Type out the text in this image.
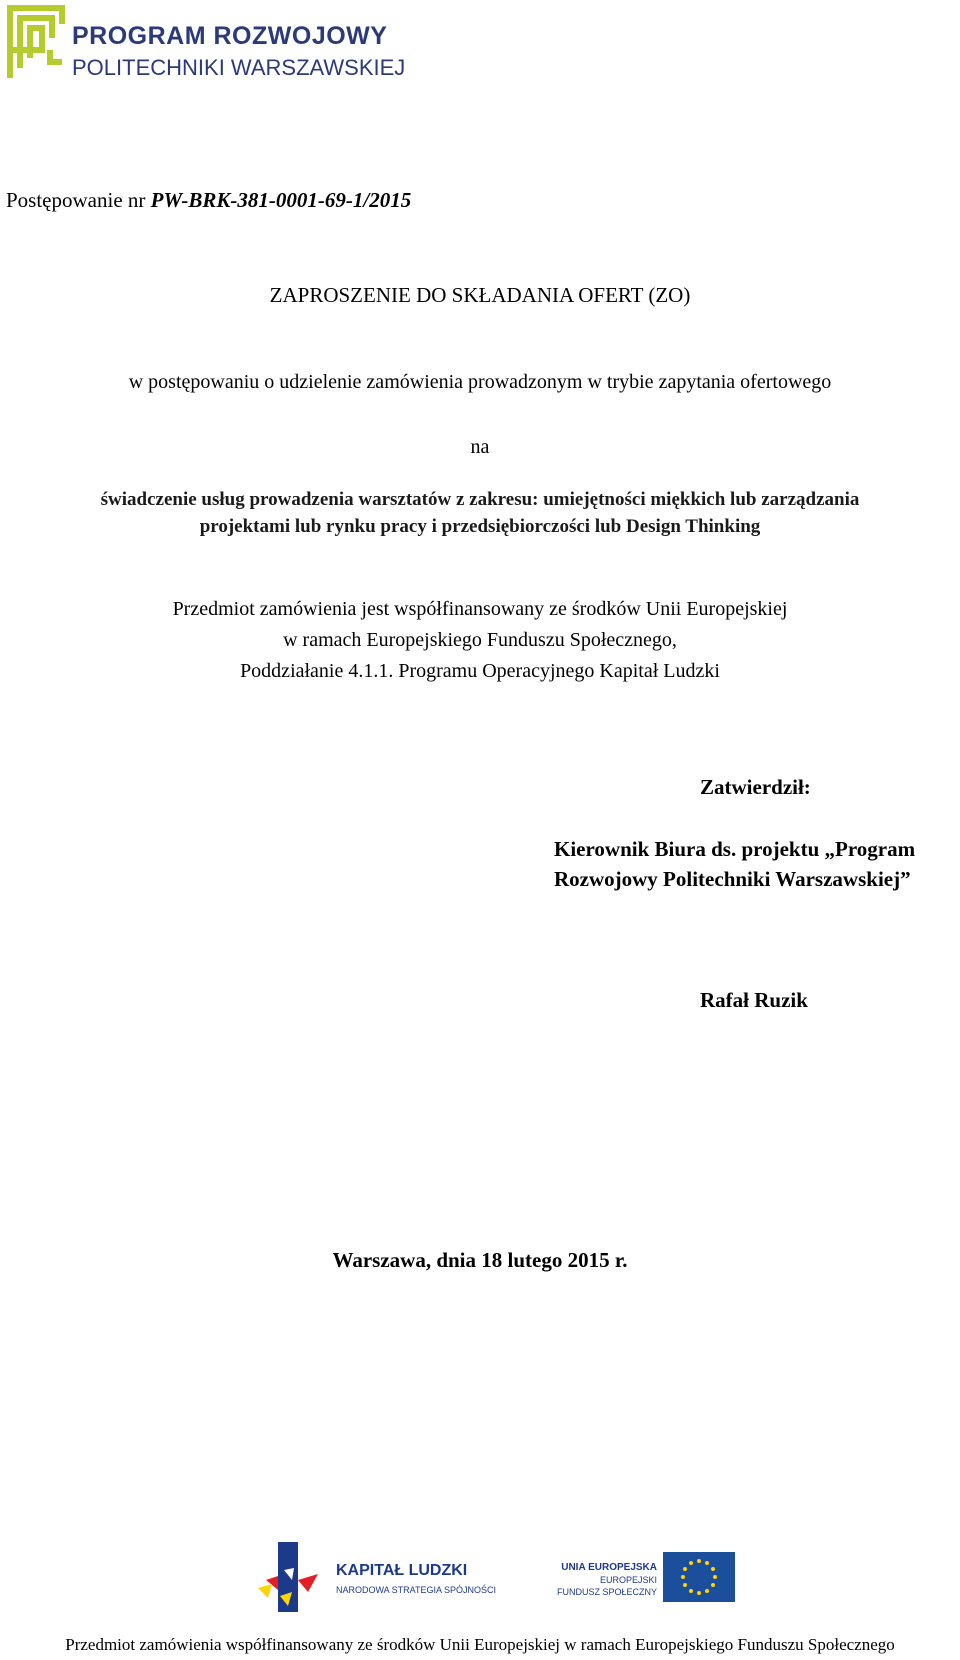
PROGRAM ROZWOJOWY
POLITECHNIKI WARSZAWSKIEJ
Postępowanie nr PW-BRK-381-0001-69-1/2015
ZAPROSZENIE DO SKŁADANIA OFERT (ZO)
w postępowaniu o udzielenie zamówienia prowadzonym w trybie zapytania ofertowego
na
świadczenie usług prowadzenia warsztatów z zakresu: umiejętności miękkich lub zarządzania
projektami lub rynku pracy i przedsiębiorczości lub Design Thinking
Przedmiot zamówienia jest współfinansowany ze środków Unii Europejskiej
w ramach Europejskiego Funduszu Społecznego,
Poddziałanie 4.1.1. Programu Operacyjnego Kapitał Ludzki
Zatwierdził:
Kierownik Biura ds. projektu „Program
Rozwojowy Politechniki Warszawskiej”
Rafał Ruzik
Warszawa, dnia 18 lutego 2015 r.
KAPITAŁ LUDZKI
NARODOWA STRATEGIA SPÓJNOŚCI
UNIA EUROPEJSKA
EUROPEJSKI
FUNDUSZ SPOŁECZNY
Przedmiot zamówienia współfinansowany ze środków Unii Europejskiej w ramach Europejskiego Funduszu Społecznego
